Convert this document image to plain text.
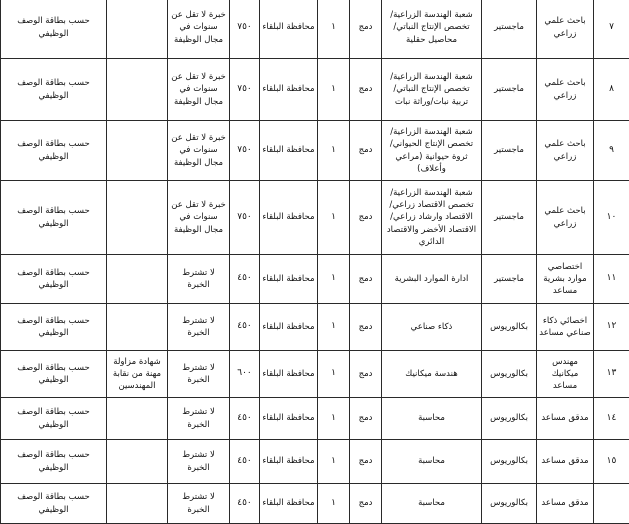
٧	باحث علمي زراعي	ماجستير	شعبة الهندسة الزراعية/ تخصص الإنتاج النباتي/ محاصيل حقلية	دمج	١	محافظة البلقاء	٧٥٠	خبرة لا تقل عن سنوات في مجال الوظيفة		حسب بطاقة الوصف الوظيفي
٨	باحث علمي زراعي	ماجستير	شعبة الهندسة الزراعية/ تخصص الإنتاج النباتي/ تربية نبات/وراثة نبات	دمج	١	محافظة البلقاء	٧٥٠	خبرة لا تقل عن سنوات في مجال الوظيفة		حسب بطاقة الوصف الوظيفي
٩	باحث علمي زراعي	ماجستير	شعبة الهندسة الزراعية/ تخصص الإنتاج الحيواني/ثروة حيوانية (مراعي وأعلاف)	دمج	١	محافظة البلقاء	٧٥٠	خبرة لا تقل عن سنوات في مجال الوظيفة		حسب بطاقة الوصف الوظيفي
١٠	باحث علمي زراعي	ماجستير	شعبة الهندسة الزراعية/ تخصص الاقتصاد زراعي/ الاقتصاد وارشاد زراعي/ الاقتصاد الأخضر والاقتصاد الدائري	دمج	١	محافظة البلقاء	٧٥٠	خبرة لا تقل عن سنوات في مجال الوظيفة		حسب بطاقة الوصف الوظيفي
١١	اختصاصي موارد بشرية مساعد	ماجستير	ادارة الموارد البشرية	دمج	١	محافظة البلقاء	٤٥٠	لا تشترط الخبرة		حسب بطاقة الوصف الوظيفي
١٢	اخصائي ذكاء صناعي مساعد	بكالوريوس	ذكاء صناعي	دمج	١	محافظة البلقاء	٤٥٠	لا تشترط الخبرة		حسب بطاقة الوصف الوظيفي
١٣	مهندس ميكانيك مساعد	بكالوريوس	هندسة ميكانيك	دمج	١	محافظة البلقاء	٦٠٠	لا تشترط الخبرة	شهادة مزاولة مهنة من نقابة المهندسين	حسب بطاقة الوصف الوظيفي
١٤	مدقق مساعد	بكالوريوس	محاسبة	دمج	١	محافظة البلقاء	٤٥٠	لا تشترط الخبرة		حسب بطاقة الوصف الوظيفي
١٥	مدقق مساعد	بكالوريوس	محاسبة	دمج	١	محافظة البلقاء	٤٥٠	لا تشترط الخبرة		حسب بطاقة الوصف الوظيفي
	مدقق مساعد	بكالوريوس	محاسبة	دمج	١	محافظة البلقاء	٤٥٠	لا تشترط الخبرة		حسب بطاقة الوصف الوظيفي
